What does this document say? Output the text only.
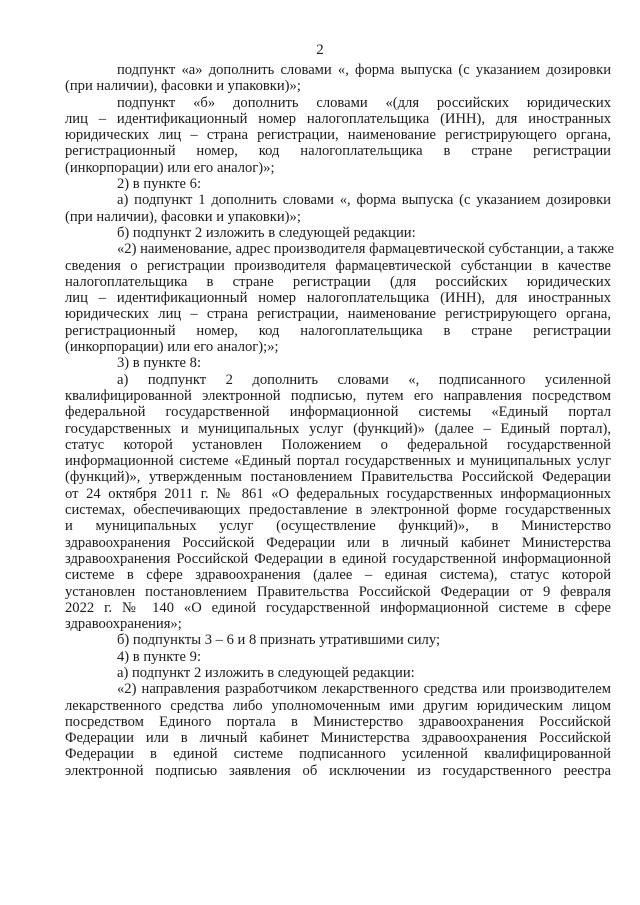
2
подпункт «а» дополнить словами «, форма выпуска (с указанием дозировки
(при наличии), фасовки и упаковки)»;
подпункт «б» дополнить словами «(для российских юридических
лиц – идентификационный номер налогоплательщика (ИНН), для иностранных
юридических лиц – страна регистрации, наименование регистрирующего органа,
регистрационный номер, код налогоплательщика в стране регистрации
(инкорпорации) или его аналог)»;
2) в пункте 6:
а) подпункт 1 дополнить словами «, форма выпуска (с указанием дозировки
(при наличии), фасовки и упаковки)»;
б) подпункт 2 изложить в следующей редакции:
«2) наименование, адрес производителя фармацевтической субстанции, а также
сведения о регистрации производителя фармацевтической субстанции в качестве
налогоплательщика в стране регистрации (для российских юридических
лиц – идентификационный номер налогоплательщика (ИНН), для иностранных
юридических лиц – страна регистрации, наименование регистрирующего органа,
регистрационный номер, код налогоплательщика в стране регистрации
(инкорпорации) или его аналог);»;
3) в пункте 8:
а) подпункт 2 дополнить словами «, подписанного усиленной
квалифицированной электронной подписью, путем его направления посредством
федеральной государственной информационной системы «Единый портал
государственных и муниципальных услуг (функций)» (далее – Единый портал),
статус которой установлен Положением о федеральной государственной
информационной системе «Единый портал государственных и муниципальных услуг
(функций)», утвержденным постановлением Правительства Российской Федерации
от 24 октября 2011 г. № 861 «О федеральных государственных информационных
системах, обеспечивающих предоставление в электронной форме государственных
и муниципальных услуг (осуществление функций)», в Министерство
здравоохранения Российской Федерации или в личный кабинет Министерства
здравоохранения Российской Федерации в единой государственной информационной
системе в сфере здравоохранения (далее – единая система), статус которой
установлен постановлением Правительства Российской Федерации от 9 февраля
2022 г. № 140 «О единой государственной информационной системе в сфере
здравоохранения»;
б) подпункты 3 – 6 и 8 признать утратившими силу;
4) в пункте 9:
а) подпункт 2 изложить в следующей редакции:
«2) направления разработчиком лекарственного средства или производителем
лекарственного средства либо уполномоченным ими другим юридическим лицом
посредством Единого портала в Министерство здравоохранения Российской
Федерации или в личный кабинет Министерства здравоохранения Российской
Федерации в единой системе подписанного усиленной квалифицированной
электронной подписью заявления об исключении из государственного реестра
